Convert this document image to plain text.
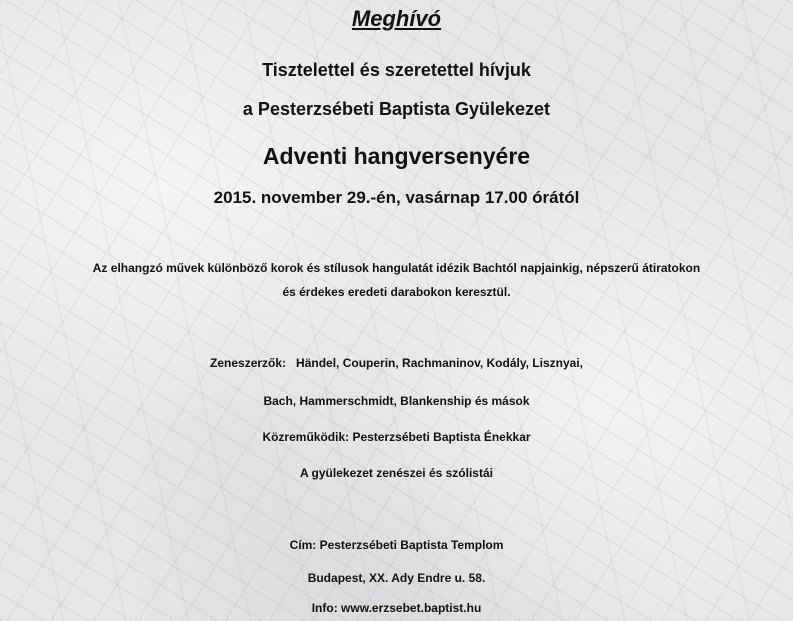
Meghívó
Tisztelettel és szeretettel hívjuk
a Pesterzsébeti Baptista Gyülekezet
Adventi hangversenyére
2015. november 29.-én, vasárnap 17.00 órától
Az elhangzó művek különböző korok és stílusok hangulatát idézik Bachtól napjainkig, népszerű átiratokon
és érdekes eredeti darabokon keresztül.
Zeneszerzők:   Händel, Couperin, Rachmaninov, Kodály, Lisznyai,
Bach, Hammerschmidt, Blankenship és mások
Közreműködik: Pesterzsébeti Baptista Énekkar
A gyülekezet zenészei és szólistái
Cím: Pesterzsébeti Baptista Templom
Budapest, XX. Ady Endre u. 58.
Info: www.erzsebet.baptist.hu
